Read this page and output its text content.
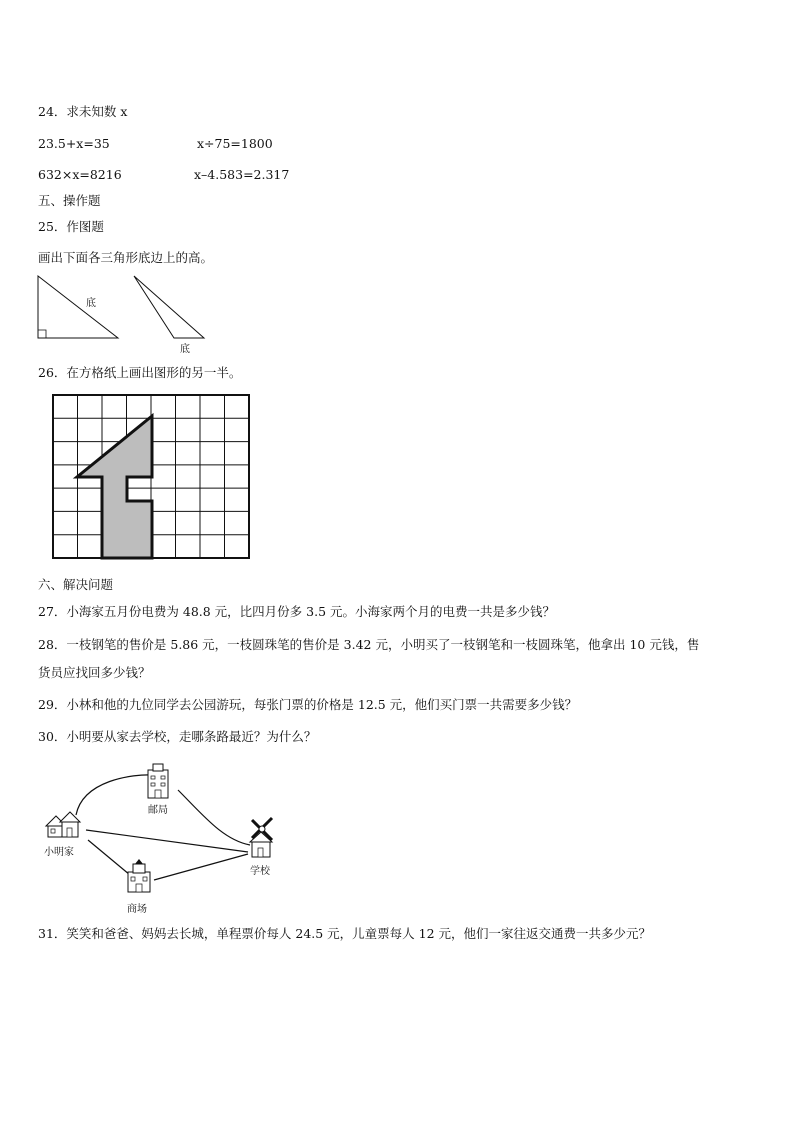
24．求未知数 x
23.5+x=35	x÷75=1800
632×x=8216	x–4.583=2.317
五、操作题
25．作图题
画出下面各三角形底边上的高。
底
底
26．在方格纸上画出图形的另一半。
六、解决问题
27．小海家五月份电费为 48.8 元，比四月份多 3.5 元。小海家两个月的电费一共是多少钱？
28．一枝钢笔的售价是 5.86 元，一枝圆珠笔的售价是 3.42 元，小明买了一枝钢笔和一枝圆珠笔，他拿出 10 元钱，售
货员应找回多少钱？
29．小林和他的九位同学去公园游玩，每张门票的价格是 12.5 元，他们买门票一共需要多少钱？
30．小明要从家去学校，走哪条路最近？为什么？
邮局
小明家
学校
商场
31．笑笑和爸爸、妈妈去长城，单程票价每人 24.5 元，儿童票每人 12 元，他们一家往返交通费一共多少元？
